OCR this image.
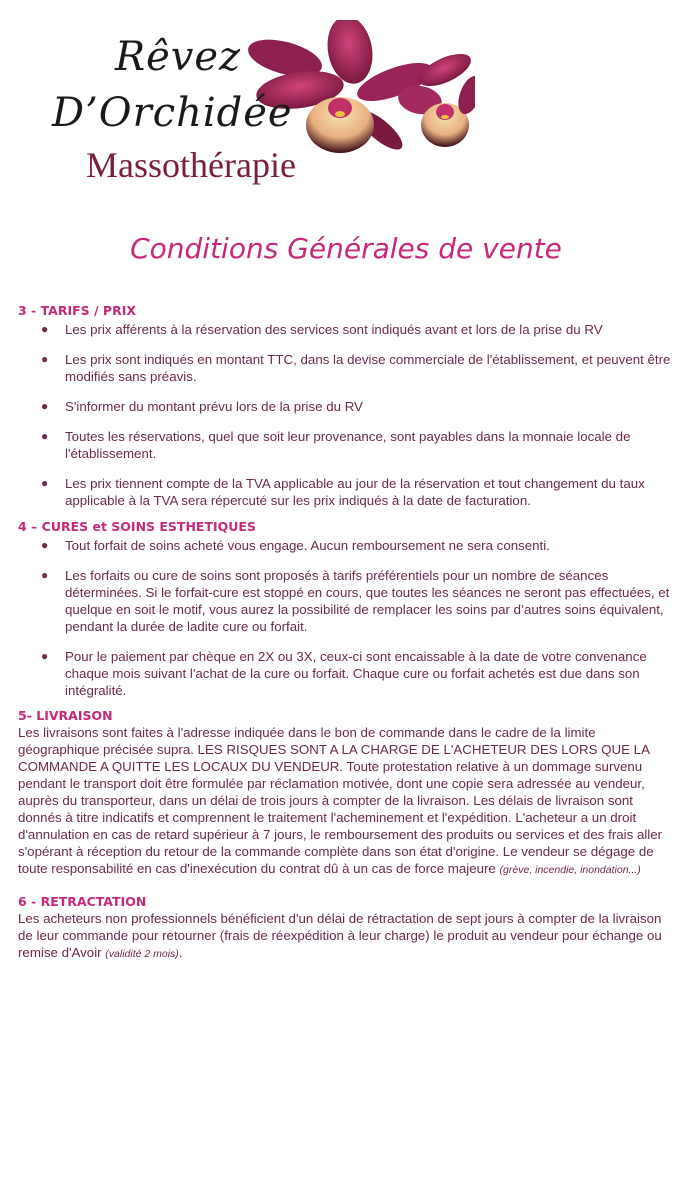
Rêvez
D’Orchidée
Massothérapie
Conditions Générales de vente
3 - TARIFS / PRIX
● Les prix afférents à la réservation des services sont indiqués avant et lors de la prise du RV
● Les prix sont indiqués en montant TTC, dans la devise commerciale de l'établissement, et peuvent être modifiés sans préavis.
● S'informer du montant prévu lors de la prise du RV
● Toutes les réservations, quel que soit leur provenance, sont payables dans la monnaie locale de l'établissement.
● Les prix tiennent compte de la TVA applicable au jour de la réservation et tout changement du taux applicable à la TVA sera répercuté sur les prix indiqués à la date de facturation.
4 – CURES et SOINS ESTHETIQUES
● Tout forfait de soins acheté vous engage. Aucun remboursement ne sera consenti.
● Les forfaits ou cure de soins sont proposés à tarifs préférentiels pour un nombre de séances déterminées. Si le forfait-cure est stoppé en cours, que toutes les séances ne seront pas effectuées, et quelque en soit le motif, vous aurez la possibilité de remplacer les soins par d’autres soins équivalent, pendant la durée de ladite cure ou forfait.
● Pour le paiement par chèque en 2X ou 3X, ceux-ci sont encaissable à la date de votre convenance chaque mois suivant l'achat de la cure ou forfait. Chaque cure ou forfait achetés est due dans son intégralité.
5- LIVRAISON

Les livraisons sont faites à l'adresse indiquée dans le bon de commande dans le cadre de la limite géographique précisée supra. LES RISQUES SONT A LA CHARGE DE L'ACHETEUR DES LORS QUE LA COMMANDE A QUITTE LES LOCAUX DU VENDEUR. Toute protestation relative à un dommage survenu pendant le transport doit être formulée par réclamation motivée, dont une copie sera adressée au vendeur, auprès du transporteur, dans un délai de trois jours à compter de la livraison. Les délais de livraison sont donnés à titre indicatifs et comprennent le traitement l'acheminement et l'expédition. L'acheteur a un droit d'annulation en cas de retard supérieur à 7 jours, le remboursement des produits ou services et des frais aller s'opérant à réception du retour de la commande complète dans son état d'origine. Le vendeur se dégage de toute responsabilité en cas d'inexécution du contrat dû à un cas de force majeure (grève, incendie, inondation...)

6 - RETRACTATION

Les acheteurs non professionnels bénéficient d'un délai de rétractation de sept jours à compter de la livraison de leur commande pour retourner (frais de réexpédition à leur charge) le produit au vendeur pour échange ou remise d'Avoir (validité 2 mois).
